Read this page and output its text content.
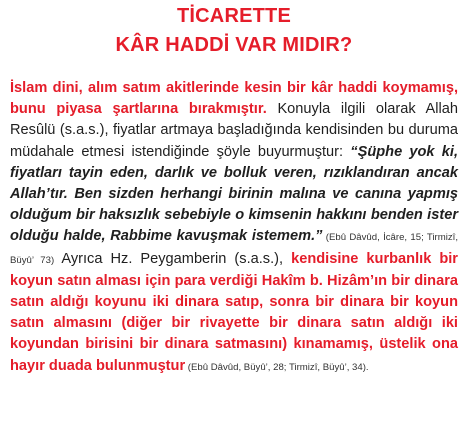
TİCARETTE
KÂR HADDİ VAR MIDIR?
İslam dini, alım satım akitlerinde kesin bir kâr haddi koymamış, bunu piyasa şartlarına bırakmıştır. Konuyla ilgili olarak Allah Resûlü (s.a.s.), fiyatlar artmaya başladığında kendisinden bu duruma müdahale etmesi istendiğinde şöyle buyurmuştur: “Şüphe yok ki, fiyatları tayin eden, darlık ve bolluk veren, rızıklandıran ancak Allah’tır. Ben sizden herhangi birinin malına ve canına yapmış olduğum bir haksızlık sebebiyle o kimsenin hakkını benden ister olduğu halde, Rabbime kavuşmak istemem.” (Ebû Dâvûd, İcâre, 15; Tirmizî, Büyû’ 73) Ayrıca Hz. Peygamberin (s.a.s.), kendisine kurbanlık bir koyun satın alması için para verdiği Hakîm b. Hizâm’ın bir dinara satın aldığı koyunu iki dinara satıp, sonra bir dinara bir koyun satın almasını (diğer bir rivayette bir dinara satın aldığı iki koyundan birisini bir dinara satmasını) kınamamış, üstelik ona hayır duada bulunmuştur (Ebû Dâvûd, Büyû’, 28; Tirmizî, Büyû’, 34).
